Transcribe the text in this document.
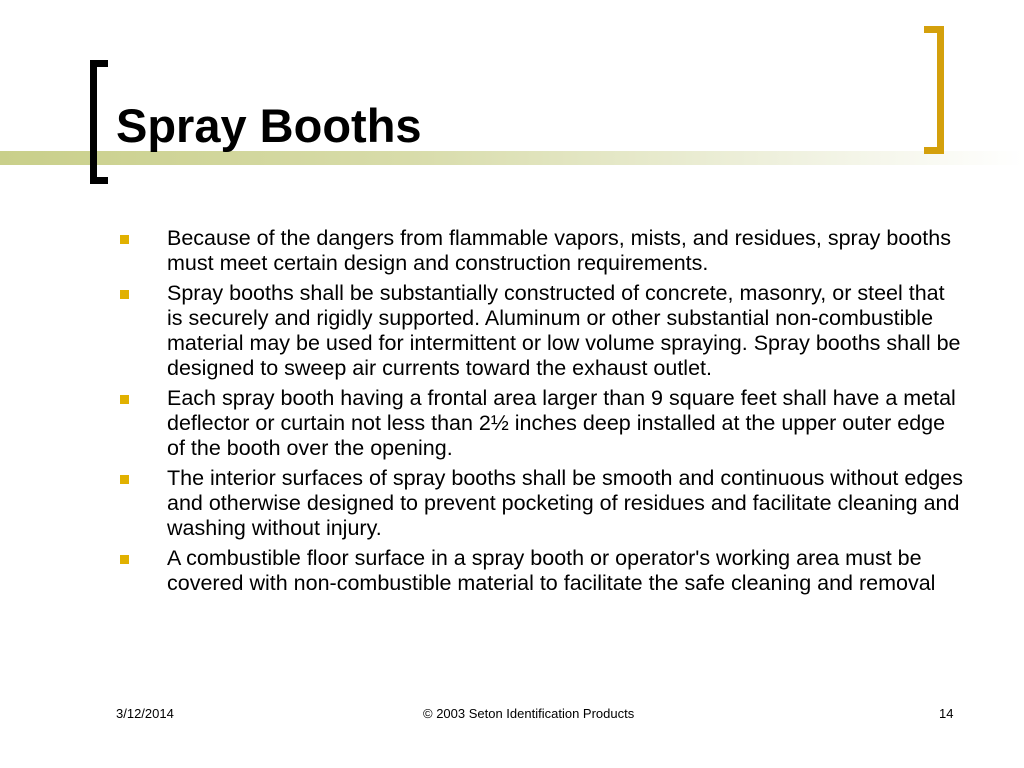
Spray Booths
Because of the dangers from flammable vapors, mists, and residues, spray booths must meet certain design and construction requirements.
Spray booths shall be substantially constructed of concrete, masonry, or steel that is securely and rigidly supported. Aluminum or other substantial non-combustible material may be used for intermittent or low volume spraying. Spray booths shall be designed to sweep air currents toward the exhaust outlet.
Each spray booth having a frontal area larger than 9 square feet shall have a metal deflector or curtain not less than 2½ inches deep installed at the upper outer edge of the booth over the opening.
The interior surfaces of spray booths shall be smooth and continuous without edges and otherwise designed to prevent pocketing of residues and facilitate cleaning and washing without injury.
A combustible floor surface in a spray booth or operator's working area must be covered with non-combustible material to facilitate the safe cleaning and removal
3/12/2014	© 2003 Seton Identification Products	14
